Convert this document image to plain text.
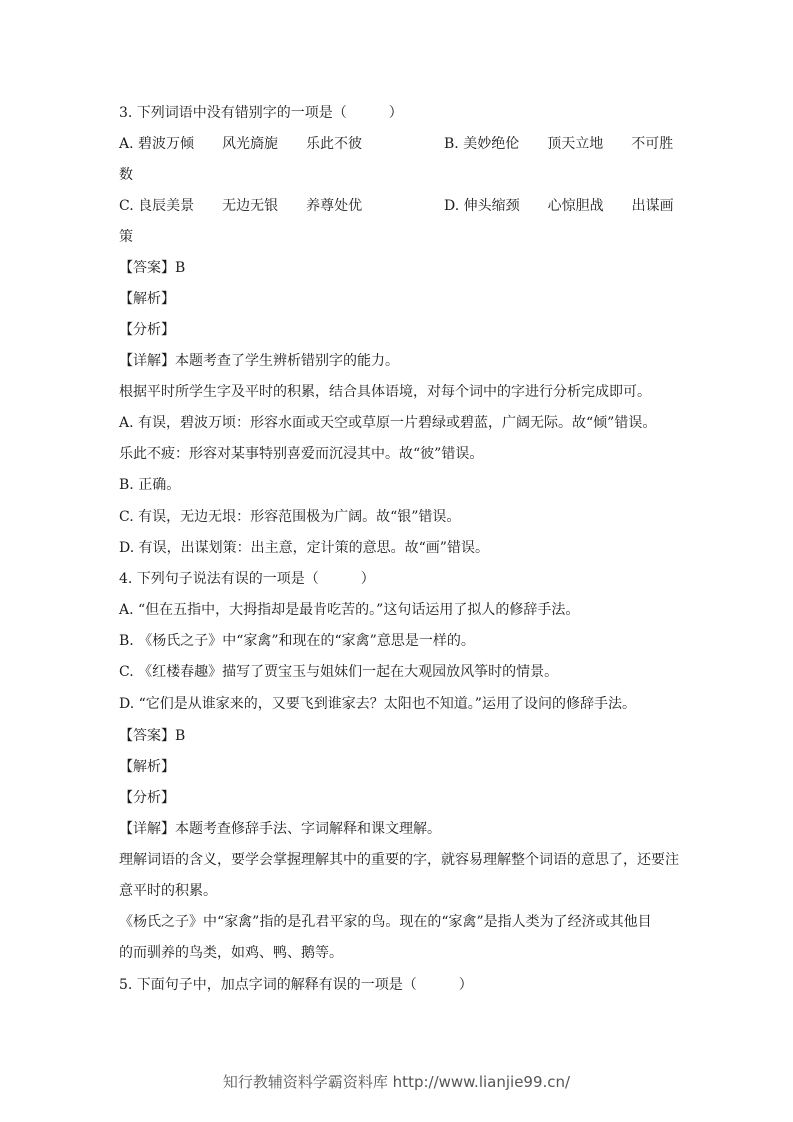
3. 下列词语中没有错别字的一项是（　　　）
A. 碧波万倾　　风光旖旎　　乐此不彼	B. 美妙绝伦　　顶天立地　　不可胜
数
C. 良辰美景　　无边无银　　养尊处优	D. 伸头缩颈　　心惊胆战　　出谋画
策
【答案】B
【解析】
【分析】
【详解】本题考查了学生辨析错别字的能力。
根据平时所学生字及平时的积累，结合具体语境，对每个词中的字进行分析完成即可。
A. 有误，碧波万顷：形容水面或天空或草原一片碧绿或碧蓝，广阔无际。故“倾”错误。
乐此不疲：形容对某事特别喜爱而沉浸其中。故“彼”错误。
B. 正确。
C. 有误，无边无垠：形容范围极为广阔。故“银”错误。
D. 有误，出谋划策：出主意，定计策的意思。故“画”错误。
4. 下列句子说法有误的一项是（　　　）
A. “但在五指中，大拇指却是最肯吃苦的。”这句话运用了拟人的修辞手法。
B. 《杨氏之子》中“家禽”和现在的“家禽”意思是一样的。
C. 《红楼春趣》描写了贾宝玉与姐妹们一起在大观园放风筝时的情景。
D. “它们是从谁家来的，又要飞到谁家去？太阳也不知道。”运用了设问的修辞手法。
【答案】B
【解析】
【分析】
【详解】本题考查修辞手法、字词解释和课文理解。
理解词语的含义，要学会掌握理解其中的重要的字，就容易理解整个词语的意思了，还要注
意平时的积累。
《杨氏之子》中“家禽”指的是孔君平家的鸟。现在的“家禽”是指人类为了经济或其他目
的而驯养的鸟类，如鸡、鸭、鹅等。
5. 下面句子中，加点字词的解释有误的一项是（　　　）
知行教辅资料学霸资料库 http://www.lianjie99.cn/
